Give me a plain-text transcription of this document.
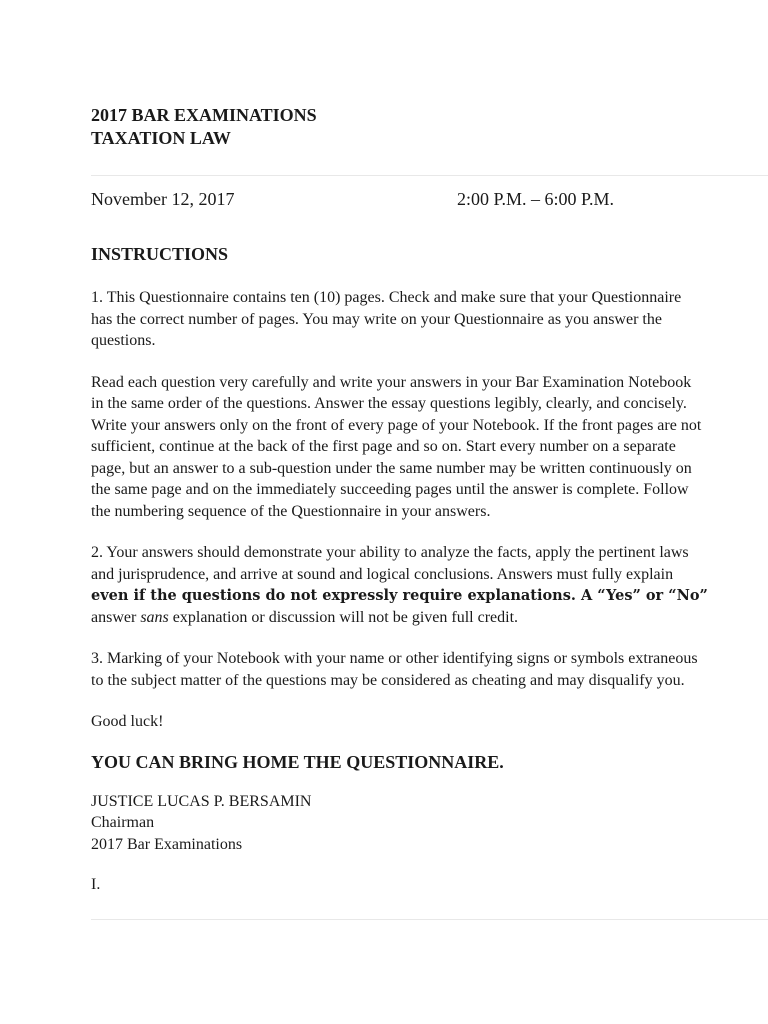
2017 BAR EXAMINATIONS
TAXATION LAW
November 12, 2017	2:00 P.M. – 6:00 P.M.
INSTRUCTIONS
1. This Questionnaire contains ten (10) pages. Check and make sure that your Questionnaire
has the correct number of pages. You may write on your Questionnaire as you answer the
questions.
Read each question very carefully and write your answers in your Bar Examination Notebook
in the same order of the questions. Answer the essay questions legibly, clearly, and concisely.
Write your answers only on the front of every page of your Notebook. If the front pages are not
sufficient, continue at the back of the first page and so on. Start every number on a separate
page, but an answer to a sub-question under the same number may be written continuously on
the same page and on the immediately succeeding pages until the answer is complete. Follow
the numbering sequence of the Questionnaire in your answers.
2. Your answers should demonstrate your ability to analyze the facts, apply the pertinent laws
and jurisprudence, and arrive at sound and logical conclusions. Answers must fully explain
even if the questions do not expressly require explanations. A “Yes” or “No”
answer sans explanation or discussion will not be given full credit.
3. Marking of your Notebook with your name or other identifying signs or symbols extraneous
to the subject matter of the questions may be considered as cheating and may disqualify you.
Good luck!
YOU CAN BRING HOME THE QUESTIONNAIRE.
JUSTICE LUCAS P. BERSAMIN
Chairman
2017 Bar Examinations
I.
